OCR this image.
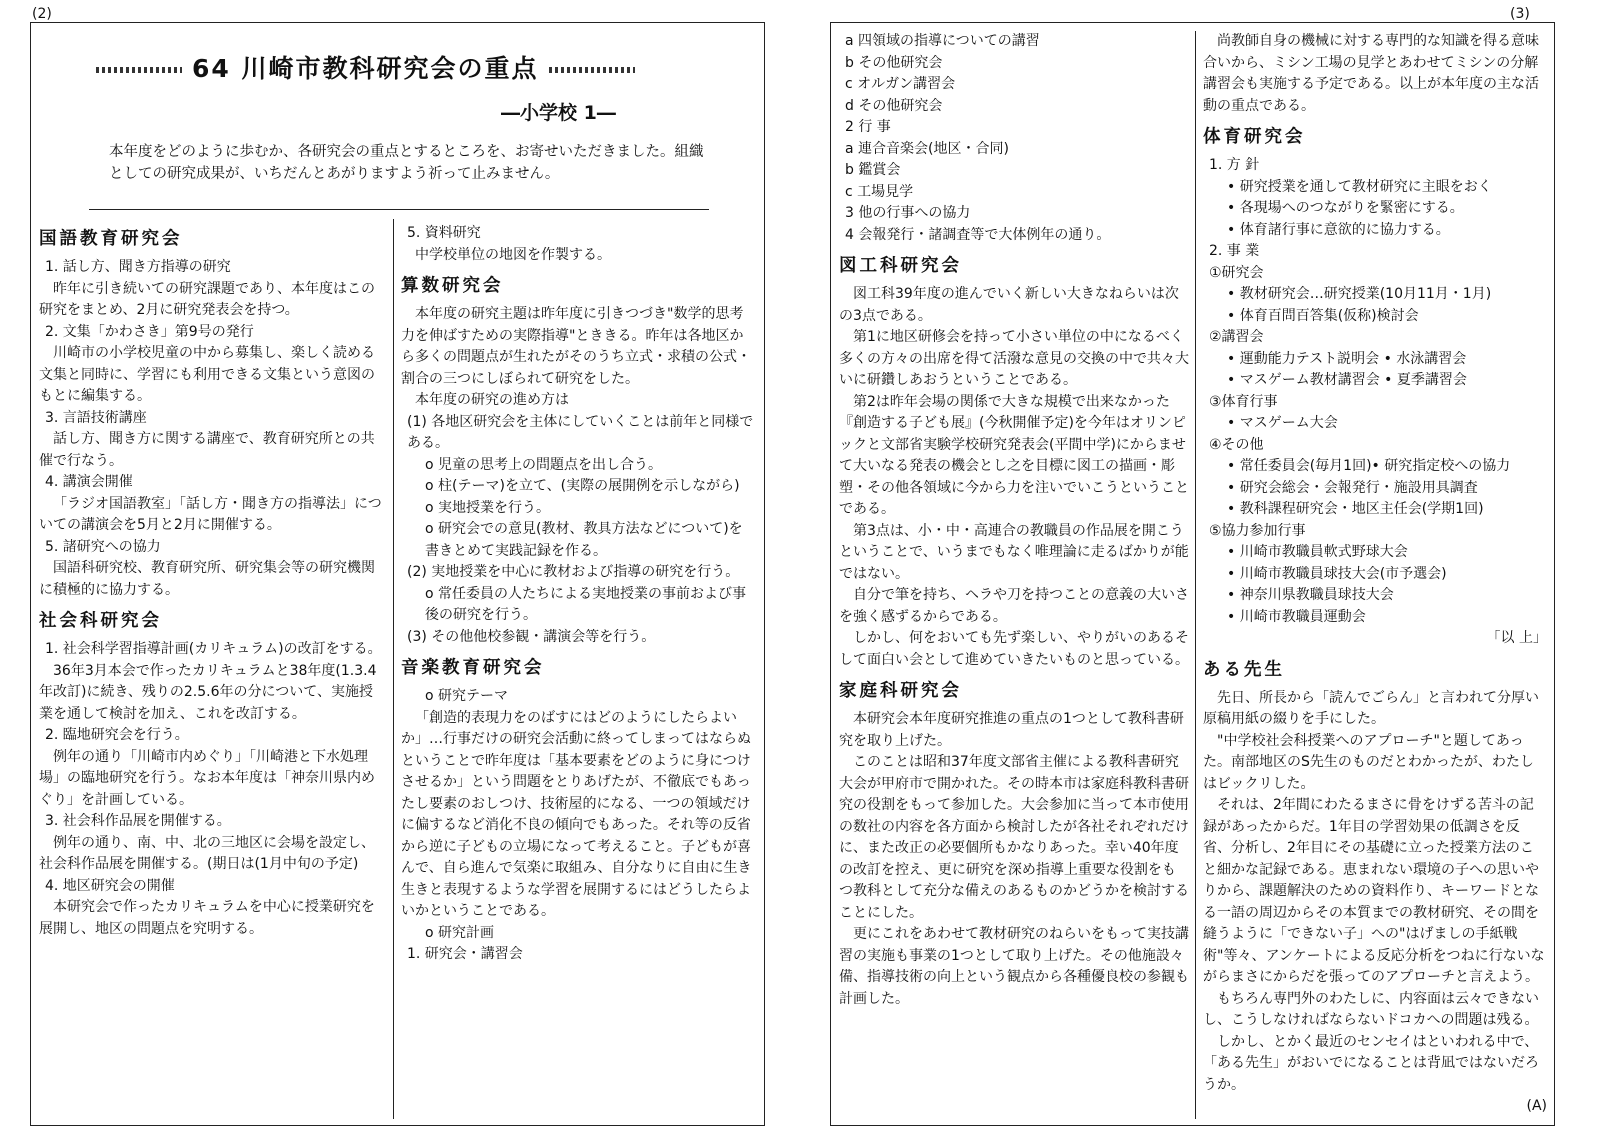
(2)	(3)
64 川崎市教科研究会の重点
―小学校 1―
本年度をどのように歩むか、各研究会の重点とするところを、お寄せいただきました。組織としての研究成果が、いちだんとあがりますよう祈って止みません。
国語教育研究会

1. 話し方、聞き方指導の研究

昨年に引き続いての研究課題であり、本年度はこの研究をまとめ、2月に研究発表会を持つ。

2. 文集「かわさき」第9号の発行

川崎市の小学校児童の中から募集し、楽しく読める文集と同時に、学習にも利用できる文集という意図のもとに編集する。

3. 言語技術講座

話し方、聞き方に関する講座で、教育研究所との共催で行なう。

4. 講演会開催

「ラジオ国語教室」「話し方・聞き方の指導法」についての講演会を5月と2月に開催する。

5. 諸研究への協力

国語科研究校、教育研究所、研究集会等の研究機関に積極的に協力する。

社会科研究会

1. 社会科学習指導計画(カリキュラム)の改訂をする。

36年3月本会で作ったカリキュラムと38年度(1.3.4年改訂)に続き、残りの2.5.6年の分について、実施授業を通して検討を加え、これを改訂する。

2. 臨地研究会を行う。

例年の通り「川崎市内めぐり」「川崎港と下水処理場」の臨地研究を行う。なお本年度は「神奈川県内めぐり」を計画している。

3. 社会科作品展を開催する。

例年の通り、南、中、北の三地区に会場を設定し、社会科作品展を開催する。(期日は(1月中旬の予定)

4. 地区研究会の開催

本研究会で作ったカリキュラムを中心に授業研究を展開し、地区の問題点を究明する。

5. 資料研究

中学校単位の地図を作製する。

算数研究会

本年度の研究主題は昨年度に引きつづき"数学的思考力を伸ばすための実際指導"とききる。昨年は各地区から多くの問題点が生れたがそのうち立式・求積の公式・割合の三つにしぼられて研究をした。

本年度の研究の進め方は

(1) 各地区研究会を主体にしていくことは前年と同様である。

o 児童の思考上の問題点を出し合う。

o 柱(テーマ)を立て、(実際の展開例を示しながら)

o 実地授業を行う。

o 研究会での意見(教材、教具方法などについて)を書きとめて実践記録を作る。

(2) 実地授業を中心に教材および指導の研究を行う。

o 常任委員の人たちによる実地授業の事前および事後の研究を行う。

(3) その他他校参観・講演会等を行う。

音楽教育研究会

o 研究テーマ

「創造的表現力をのばすにはどのようにしたらよいか」…行事だけの研究会活動に終ってしまってはならぬということで昨年度は「基本要素をどのように身につけさせるか」という問題をとりあげたが、不徹底でもあったし要素のおしつけ、技術屋的になる、一つの領域だけに偏するなど消化不良の傾向でもあった。それ等の反省から逆に子どもの立場になって考えること。子どもが喜んで、自ら進んで気楽に取組み、自分なりに自由に生き生きと表現するような学習を展開するにはどうしたらよいかということである。

o 研究計画

1. 研究会・講習会

a 四領域の指導についての講習

b その他研究会

c オルガン講習会

d その他研究会

2 行 事

a 連合音楽会(地区・合同)

b 鑑賞会

c 工場見学

3 他の行事への協力

4 会報発行・諸調査等で大体例年の通り。

図工科研究会

図工科39年度の進んでいく新しい大きなねらいは次の3点である。

第1に地区研修会を持って小さい単位の中になるべく多くの方々の出席を得て活潑な意見の交換の中で共々大いに研鑽しあおうということである。

第2は昨年会場の関係で大きな規模で出来なかった『創造する子ども展』(今秋開催予定)を今年はオリンピックと文部省実験学校研究発表会(平間中学)にからませて大いなる発表の機会とし之を目標に図工の描画・彫塑・その他各領域に今から力を注いでいこうということである。

第3点は、小・中・高連合の教職員の作品展を開こうということで、いうまでもなく唯理論に走るばかりが能ではない。

自分で筆を持ち、ヘラや刀を持つことの意義の大いさを強く感ずるからである。

しかし、何をおいても先ず楽しい、やりがいのあるそして面白い会として進めていきたいものと思っている。

家庭科研究会

本研究会本年度研究推進の重点の1つとして教科書研究を取り上げた。

このことは昭和37年度文部省主催による教科書研究大会が甲府市で開かれた。その時本市は家庭科教科書研究の役割をもって参加した。大会参加に当って本市使用の数社の内容を各方面から検討したが各社それぞれだけに、また改正の必要個所もかなりあった。幸い40年度の改訂を控え、更に研究を深め指導上重要な役割をもつ教科として充分な備えのあるものかどうかを検討することにした。

更にこれをあわせて教材研究のねらいをもって実技講習の実施も事業の1つとして取り上げた。その他施設々備、指導技術の向上という観点から各種優良校の参観も計画した。

尚教師自身の機械に対する専門的な知識を得る意味合いから、ミシン工場の見学とあわせてミシンの分解講習会も実施する予定である。以上が本年度の主な活動の重点である。

体育研究会

1. 方 針

• 研究授業を通して教材研究に主眼をおく

• 各現場へのつながりを緊密にする。

• 体育諸行事に意欲的に協力する。

2. 事 業

①研究会

• 教材研究会…研究授業(10月11月・1月)

• 体育百問百答集(仮称)検討会

②講習会

• 運動能力テスト説明会 • 水泳講習会

• マスゲーム教材講習会 • 夏季講習会

③体育行事

• マスゲーム大会

④その他

• 常任委員会(毎月1回)• 研究指定校への協力

• 研究会総会・会報発行・施設用具調査

• 教科課程研究会・地区主任会(学期1回)

⑤協力参加行事

• 川崎市教職員軟式野球大会

• 川崎市教職員球技大会(市予選会)

• 神奈川県教職員球技大会

• 川崎市教職員運動会

「以 上」

ある先生

先日、所長から「読んでごらん」と言われて分厚い原稿用紙の綴りを手にした。

"中学校社会科授業へのアプローチ"と題してあった。南部地区のS先生のものだとわかったが、わたしはビックリした。

それは、2年間にわたるまさに骨をけずる苦斗の記録があったからだ。1年目の学習効果の低調さを反省、分析し、2年目にその基礎に立った授業方法のこと細かな記録である。恵まれない環境の子への思いやりから、課題解決のための資料作り、キーワードとなる一語の周辺からその本質までの教材研究、その間を縫うように「できない子」への"はげましの手紙戦術"等々、アンケートによる反応分析をつねに行ないながらまさにからだを張ってのアプローチと言えよう。

もちろん専門外のわたしに、内容面は云々できないし、こうしなければならないドコカへの問題は残る。

しかし、とかく最近のセンセイはといわれる中で、「ある先生」がおいでになることは背凪ではないだろうか。

(A)
